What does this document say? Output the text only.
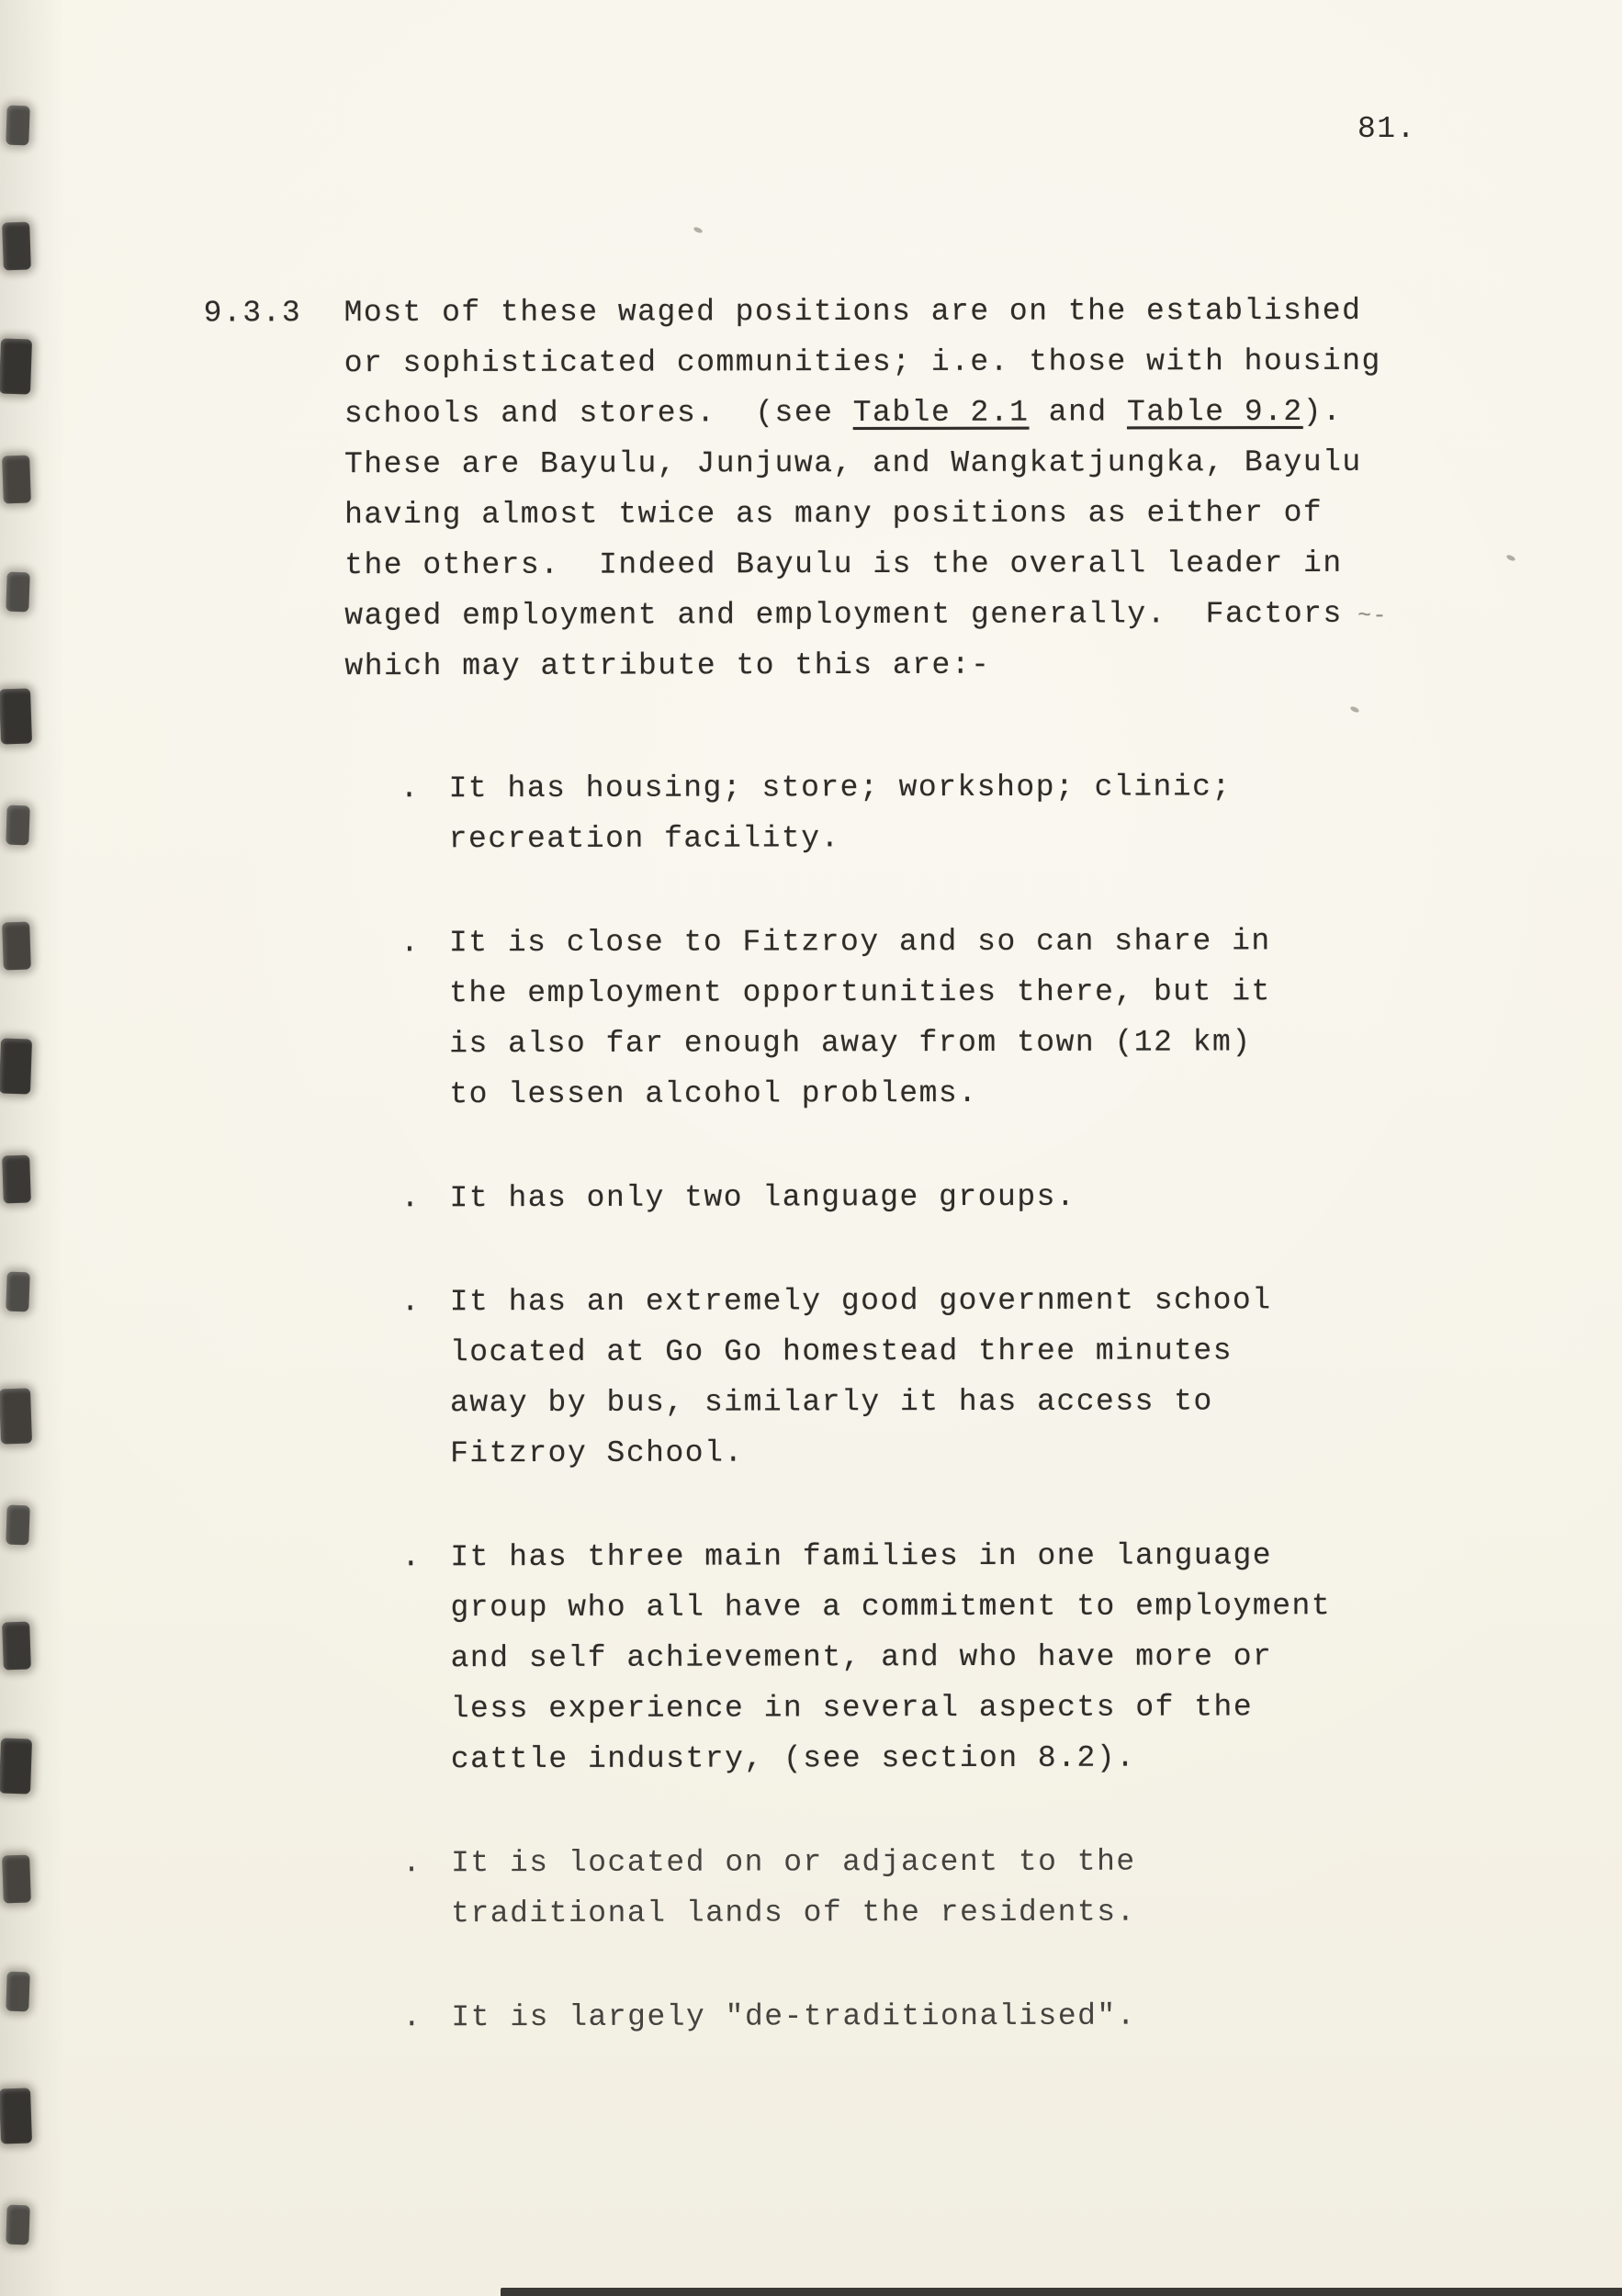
81.
9.3.3	Most of these waged positions are on the established
or sophisticated communities; i.e. those with housing
schools and stores.  (see Table 2.1 and Table 9.2).
These are Bayulu, Junjuwa, and Wangkatjungka, Bayulu
having almost twice as many positions as either of
the others.  Indeed Bayulu is the overall leader in
waged employment and employment generally.  Factors ~-
which may attribute to this are:-
. It has housing; store; workshop; clinic;
recreation facility.
. It is close to Fitzroy and so can share in
the employment opportunities there, but it
is also far enough away from town (12 km)
to lessen alcohol problems.
. It has only two language groups.
. It has an extremely good government school
located at Go Go homestead three minutes
away by bus, similarly it has access to
Fitzroy School.
. It has three main families in one language
group who all have a commitment to employment
and self achievement, and who have more or
less experience in several aspects of the
cattle industry, (see section 8.2).
. It is located on or adjacent to the
traditional lands of the residents.
. It is largely "de-traditionalised".
